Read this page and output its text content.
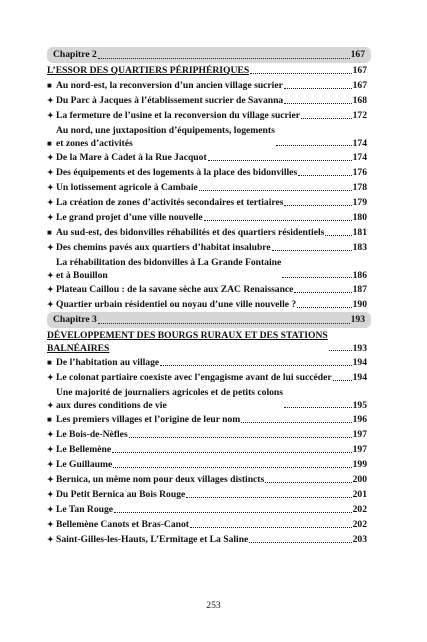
Chapitre 2	167
L’ESSOR DES QUARTIERS PÉRIPHÉRIQUES	167
■ Au nord-est, la reconversion d’un ancien village sucrier	167
✦ Du Parc à Jacques à l’établissement sucrier de Savanna	168
✦ La fermeture de l’usine et la reconversion du village sucrier	172
■
Au nord, une juxtaposition d’équipements, logements
et zones d’activités	174
✦ De la Mare à Cadet à la Rue Jacquot	174
✦ Des équipements et des logements à la place des bidonvilles	176
✦ Un lotissement agricole à Cambaie	178
✦ La création de zones d’activités secondaires et tertiaires	179
✦ Le grand projet d’une ville nouvelle	180
■ Au sud-est, des bidonvilles réhabilités et des quartiers résidentiels	181
✦ Des chemins pavés aux quartiers d’habitat insalubre	183
✦
La réhabilitation des bidonvilles à La Grande Fontaine
et à Bouillon	186
✦ Plateau Caillou : de la savane sèche aux ZAC Renaissance	187
✦ Quartier urbain résidentiel ou noyau d’une ville nouvelle ?	190
Chapitre 3	193
DÉVELOPPEMENT DES BOURGS RURAUX ET DES STATIONS
BALNÉAIRES	193
■ De l’habitation au village	194
✦ Le colonat partiaire coexiste avec l’engagisme avant de lui succéder 194
✦
Une majorité de journaliers agricoles et de petits colons
aux dures conditions de vie	195
■ Les premiers villages et l’origine de leur nom	196
✦ Le Bois-de-Nèfles	197
✦ Le Bellemène	197
✦ Le Guillaume	199
✦ Bernica, un même nom pour deux villages distincts	200
✦ Du Petit Bernica au Bois Rouge	201
✦ Le Tan Rouge	202
✦ Bellemène Canots et Bras-Canot	202
✦ Saint-Gilles-les-Hauts, L’Ermitage et La Saline	203
253
